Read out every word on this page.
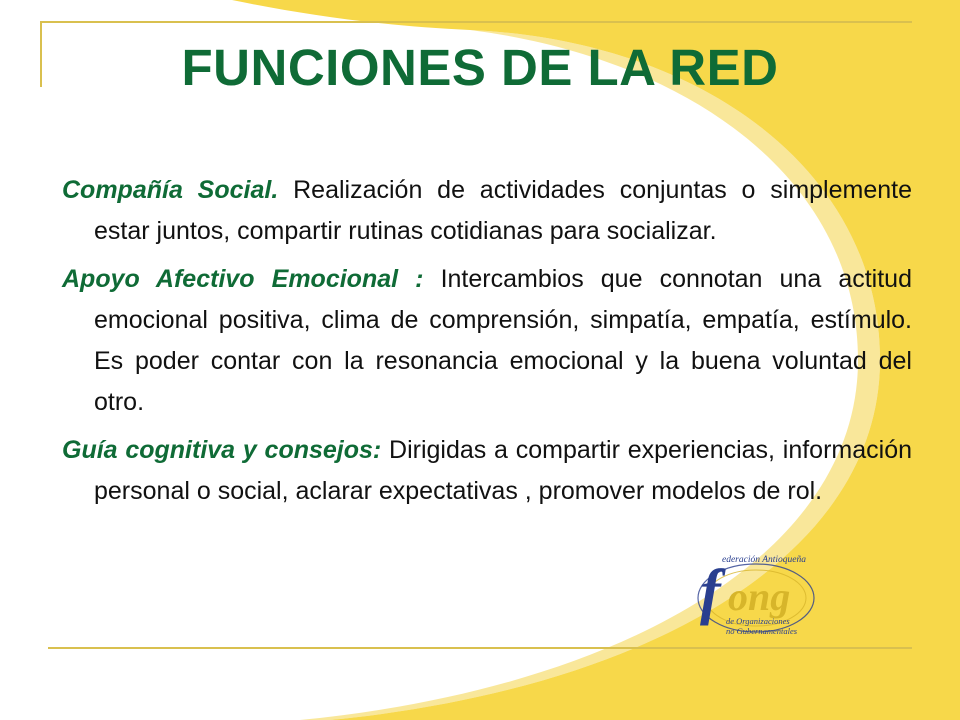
FUNCIONES DE LA RED

Compañía Social. Realización de actividades conjuntas o simplemente estar juntos, compartir rutinas cotidianas para socializar.

Apoyo Afectivo Emocional : Intercambios que connotan una actitud emocional positiva, clima de comprensión, simpatía, empatía, estímulo. Es poder contar con la resonancia emocional y la buena voluntad del otro.

Guía cognitiva y consejos: Dirigidas a compartir experiencias, información personal o social, aclarar expectativas , promover modelos de rol.

f ederación Antioqueña
ong
de Organizaciones
no Gubernamentales
